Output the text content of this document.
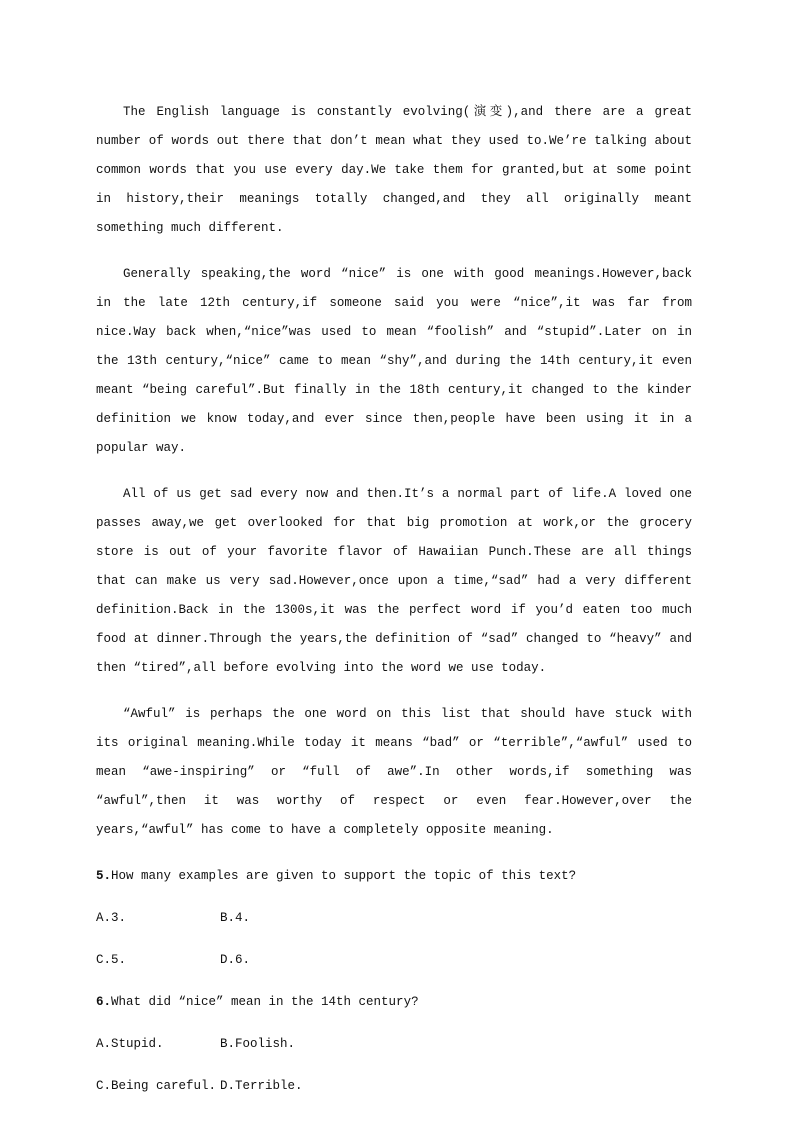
The English language is constantly evolving(演变),and there are a great number of words out there that don’t mean what they used to.We’re talking about common words that you use every day.We take them for granted,but at some point in history,their meanings totally changed,and they all originally meant something much different.

Generally speaking,the word “nice” is one with good meanings.However,back in the late 12th century,if someone said you were “nice”,it was far from nice.Way back when,“nice”was used to mean “foolish” and “stupid”.Later on in the 13th century,“nice” came to mean “shy”,and during the 14th century,it even meant “being careful”.But finally in the 18th century,it changed to the kinder definition we know today,and ever since then,people have been using it in a popular way.

All of us get sad every now and then.It’s a normal part of life.A loved one passes away,we get overlooked for that big promotion at work,or the grocery store is out of your favorite flavor of Hawaiian Punch.These are all things that can make us very sad.However,once upon a time,“sad” had a very different definition.Back in the 1300s,it was the perfect word if you’d eaten too much food at dinner.Through the years,the definition of “sad” changed to “heavy” and then “tired”,all before evolving into the word we use today.

“Awful” is perhaps the one word on this list that should have stuck with its original meaning.While today it means “bad” or “terrible”,“awful” used to mean “awe-inspiring” or “full of awe”.In other words,if something was “awful”,then it was worthy of respect or even fear.However,over the years,“awful” has come to have a completely opposite meaning.

5.How many examples are given to support the topic of this text?
A.3.	B.4.
C.5.	D.6.
6.What did “nice” mean in the 14th century?
A.Stupid.	B.Foolish.
C.Being careful. D.Terrible.
